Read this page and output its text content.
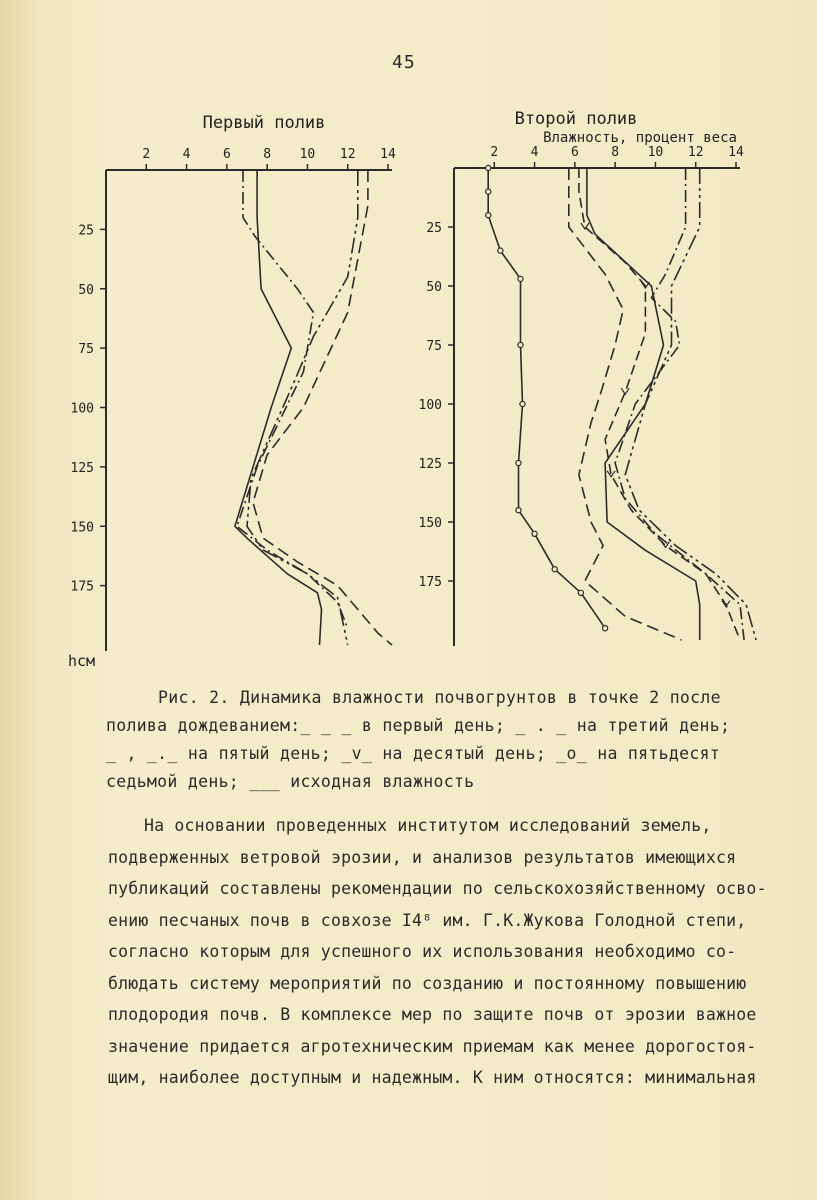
45
Первый полив
2 4 6 8 10 12 14
25
50
75
100
125
150
175
hсм
Второй полив
Влажность, процент веса
2 4 6 8 10 12 14
25
50
75
100
125
150
175
Рис. 2. Динамика влажности почвогрунтов в точке 2 после
полива дождеванием:_ _ _ в первый день; _ . _ на третий день;
_ , _._ на пятый день; _v_ на десятый день; _o_ на пятьдесят
седьмой день; ___ исходная влажность
На основании проведенных институтом исследований земель,
подверженных ветровой эрозии, и анализов результатов имеющихся
публикаций составлены рекомендации по сельскохозяйственному осво-
ению песчаных почв в совхозе I4⁸ им. Г.К.Жукова Голодной степи,
согласно которым для успешного их использования необходимо со-
блюдать систему мероприятий по созданию и постоянному повышению
плодородия почв. В комплексе мер по защите почв от эрозии важное
значение придается агротехническим приемам как менее дорогостоя-
щим, наиболее доступным и надежным. К ним относятся: минимальная
